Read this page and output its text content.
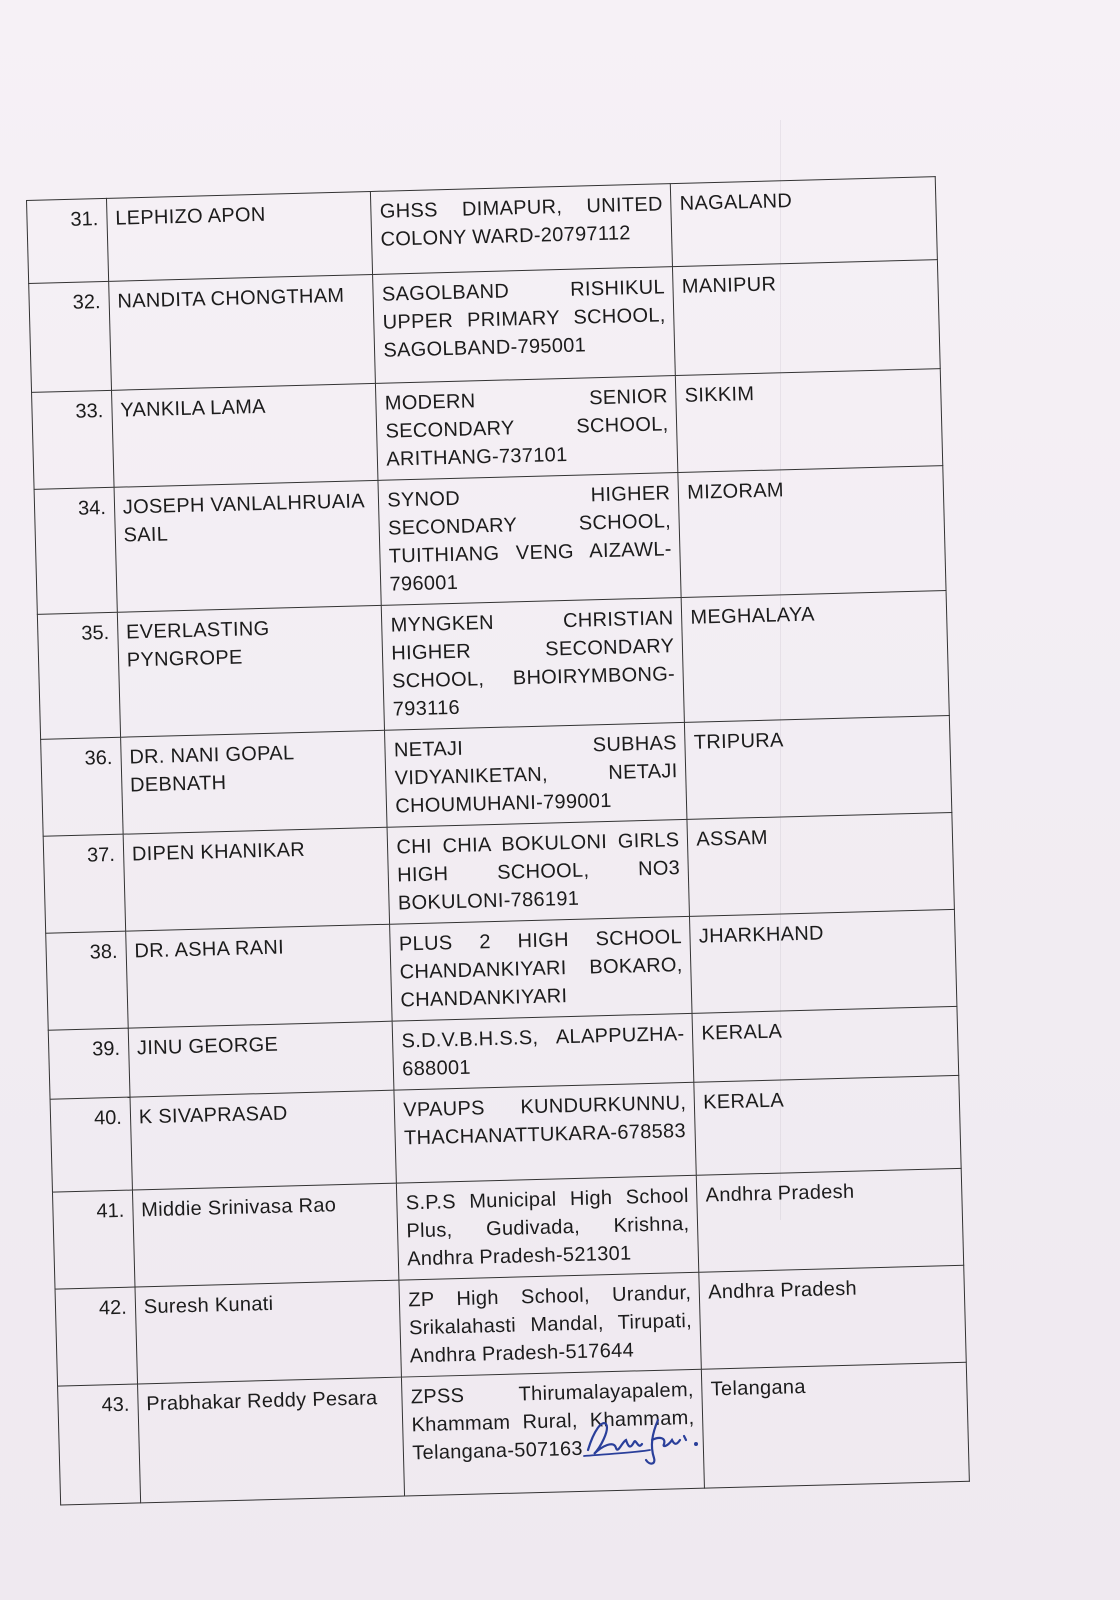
31.	LEPHIZO APON	GHSS DIMAPUR, UNITED COLONY WARD-20797112	NAGALAND
32.	NANDITA CHONGTHAM	SAGOLBAND RISHIKUL UPPER PRIMARY SCHOOL, SAGOLBAND-795001	MANIPUR
33.	YANKILA LAMA	MODERN SENIOR SECONDARY SCHOOL, ARITHANG-737101	SIKKIM
34.	JOSEPH VANLALHRUAIA SAIL	SYNOD HIGHER SECONDARY SCHOOL, TUITHIANG VENG AIZAWL-796001	MIZORAM
35.	EVERLASTING PYNGROPE	MYNGKEN CHRISTIAN HIGHER SECONDARY SCHOOL, BHOIRYMBONG-793116	MEGHALAYA
36.	DR. NANI GOPAL DEBNATH	NETAJI SUBHAS VIDYANIKETAN, NETAJI CHOUMUHANI-799001	TRIPURA
37.	DIPEN KHANIKAR	CHI CHIA BOKULONI GIRLS HIGH SCHOOL, NO3 BOKULONI-786191	ASSAM
38.	DR. ASHA RANI	PLUS 2 HIGH SCHOOL CHANDANKIYARI BOKARO, CHANDANKIYARI	JHARKHAND
39.	JINU GEORGE	S.D.V.B.H.S.S, ALAPPUZHA-688001	KERALA
40.	K SIVAPRASAD	VPAUPS KUNDURKUNNU, THACHANATTUKARA-678583	KERALA
41.	Middie Srinivasa Rao	S.P.S Municipal High School Plus, Gudivada, Krishna, Andhra Pradesh-521301	Andhra Pradesh
42.	Suresh Kunati	ZP High School, Urandur, Srikalahasti Mandal, Tirupati, Andhra Pradesh-517644	Andhra Pradesh
43.	Prabhakar Reddy Pesara	ZPSS Thirumalayapalem, Khammam Rural, Khammam, Telangana-507163	Telangana
